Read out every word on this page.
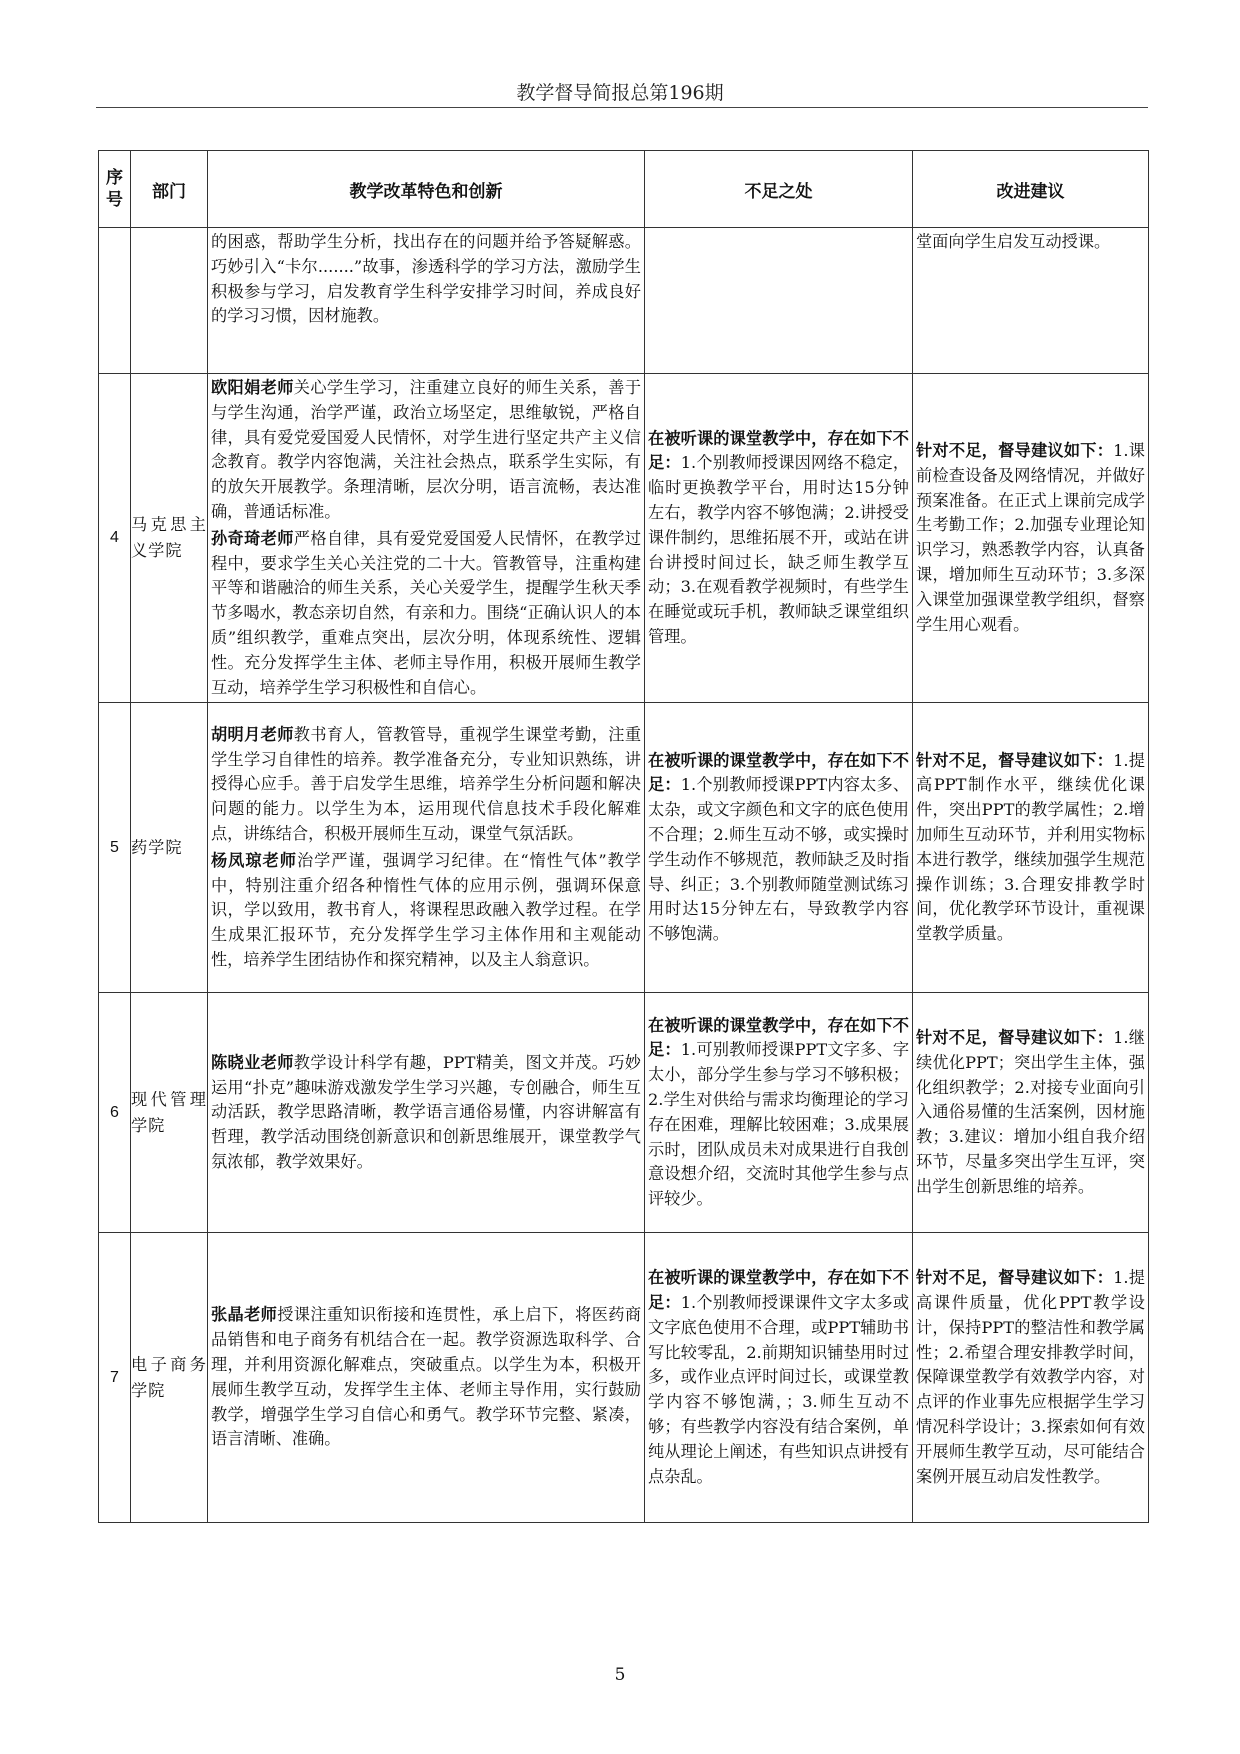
教学督导简报总第196期
序号	部门	教学改革特色和创新	不足之处	改进建议

		的困惑，帮助学生分析，找出存在的问题并给予答疑解惑。巧妙引入“卡尔.......”故事，渗透科学的学习方法，激励学生积极参与学习，启发教育学生科学安排学习时间，养成良好的学习习惯，因材施教。		堂面向学生启发互动授课。

4	马克思主义学院	欧阳娟老师关心学生学习，注重建立良好的师生关系，善于与学生沟通，治学严谨，政治立场坚定，思维敏锐，严格自律，具有爱党爱国爱人民情怀，对学生进行坚定共产主义信念教育。教学内容饱满，关注社会热点，联系学生实际，有的放矢开展教学。条理清晰，层次分明，语言流畅，表达准确，普通话标准。
孙奇琦老师严格自律，具有爱党爱国爱人民情怀，在教学过程中，要求学生关心关注党的二十大。管教管导，注重构建平等和谐融洽的师生关系，关心关爱学生，提醒学生秋天季节多喝水，教态亲切自然，有亲和力。围绕“正确认识人的本质”组织教学，重难点突出，层次分明，体现系统性、逻辑性。充分发挥学生主体、老师主导作用，积极开展师生教学互动，培养学生学习积极性和自信心。	在被听课的课堂教学中，存在如下不足：1.个别教师授课因网络不稳定，临时更换教学平台，用时达15分钟左右，教学内容不够饱满；2.讲授受课件制约，思维拓展不开，或站在讲台讲授时间过长，缺乏师生教学互动；3.在观看教学视频时，有些学生在睡觉或玩手机，教师缺乏课堂组织管理。	针对不足，督导建议如下：1.课前检查设备及网络情况，并做好预案准备。在正式上课前完成学生考勤工作；2.加强专业理论知识学习，熟悉教学内容，认真备课，增加师生互动环节；3.多深入课堂加强课堂教学组织，督察学生用心观看。

5	药学院	胡明月老师教书育人，管教管导，重视学生课堂考勤，注重学生学习自律性的培养。教学准备充分，专业知识熟练，讲授得心应手。善于启发学生思维，培养学生分析问题和解决问题的能力。以学生为本，运用现代信息技术手段化解难点，讲练结合，积极开展师生互动，课堂气氛活跃。
杨凤琼老师治学严谨，强调学习纪律。在“惰性气体”教学中，特别注重介绍各种惰性气体的应用示例，强调环保意识，学以致用，教书育人，将课程思政融入教学过程。在学生成果汇报环节，充分发挥学生学习主体作用和主观能动性，培养学生团结协作和探究精神，以及主人翁意识。	在被听课的课堂教学中，存在如下不足：1.个别教师授课PPT内容太多、太杂，或文字颜色和文字的底色使用不合理；2.师生互动不够，或实操时学生动作不够规范，教师缺乏及时指导、纠正；3.个别教师随堂测试练习用时达15分钟左右，导致教学内容不够饱满。	针对不足，督导建议如下：1.提高PPT制作水平，继续优化课件，突出PPT的教学属性；2.增加师生互动环节，并利用实物标本进行教学，继续加强学生规范操作训练；3.合理安排教学时间，优化教学环节设计，重视课堂教学质量。

6	现代管理学院	陈晓业老师教学设计科学有趣，PPT精美，图文并茂。巧妙运用“扑克”趣味游戏激发学生学习兴趣，专创融合，师生互动活跃，教学思路清晰，教学语言通俗易懂，内容讲解富有哲理，教学活动围绕创新意识和创新思维展开，课堂教学气氛浓郁，教学效果好。	在被听课的课堂教学中，存在如下不足：1.可别教师授课PPT文字多、字太小，部分学生参与学习不够积极；2.学生对供给与需求均衡理论的学习存在困难，理解比较困难；3.成果展示时，团队成员未对成果进行自我创意设想介绍，交流时其他学生参与点评较少。	针对不足，督导建议如下：1.继续优化PPT；突出学生主体，强化组织教学；2.对接专业面向引入通俗易懂的生活案例，因材施教；3.建议：增加小组自我介绍环节，尽量多突出学生互评，突出学生创新思维的培养。

7	电子商务学院	张晶老师授课注重知识衔接和连贯性，承上启下，将医药商品销售和电子商务有机结合在一起。教学资源选取科学、合理，并利用资源化解难点，突破重点。以学生为本，积极开展师生教学互动，发挥学生主体、老师主导作用，实行鼓励教学，增强学生学习自信心和勇气。教学环节完整、紧凑，语言清晰、准确。	在被听课的课堂教学中，存在如下不足：1.个别教师授课课件文字太多或文字底色使用不合理，或PPT辅助书写比较零乱，2.前期知识铺垫用时过多，或作业点评时间过长，或课堂教学内容不够饱满，；3.师生互动不够；有些教学内容没有结合案例，单纯从理论上阐述，有些知识点讲授有点杂乱。	针对不足，督导建议如下：1.提高课件质量，优化PPT教学设计，保持PPT的整洁性和教学属性；2.希望合理安排教学时间，保障课堂教学有效教学内容，对点评的作业事先应根据学生学习情况科学设计；3.探索如何有效开展师生教学互动，尽可能结合案例开展互动启发性教学。
5
